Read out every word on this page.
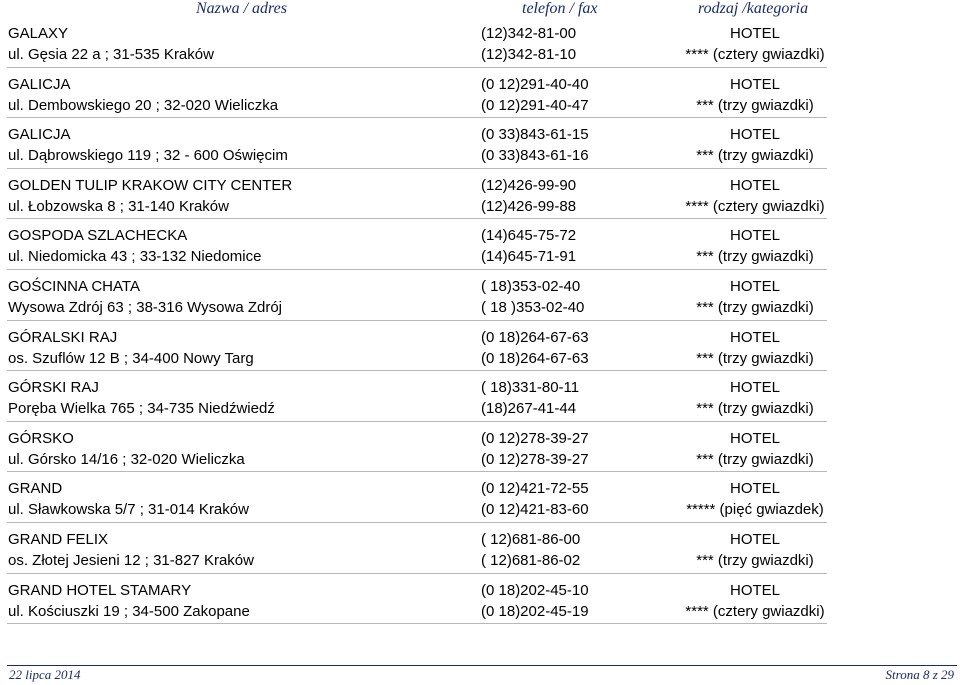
Nazwa / adres	telefon / fax	rodzaj /kategoria
GALAXY	(12)342-81-00	HOTEL
ul. Gęsia 22 a ; 31-535 Kraków	(12)342-81-10	**** (cztery gwiazdki)
GALICJA	(0 12)291-40-40	HOTEL
ul. Dembowskiego 20 ; 32-020 Wieliczka	(0 12)291-40-47	*** (trzy gwiazdki)
GALICJA	(0 33)843-61-15	HOTEL
ul. Dąbrowskiego 119 ; 32 - 600 Oświęcim	(0 33)843-61-16	*** (trzy gwiazdki)
GOLDEN TULIP KRAKOW CITY CENTER	(12)426-99-90	HOTEL
ul. Łobzowska 8 ; 31-140 Kraków	(12)426-99-88	**** (cztery gwiazdki)
GOSPODA SZLACHECKA	(14)645-75-72	HOTEL
ul. Niedomicka 43 ; 33-132 Niedomice	(14)645-71-91	*** (trzy gwiazdki)
GOŚCINNA CHATA	( 18)353-02-40	HOTEL
Wysowa Zdrój 63 ; 38-316 Wysowa Zdrój	( 18 )353-02-40	*** (trzy gwiazdki)
GÓRALSKI RAJ	(0 18)264-67-63	HOTEL
os. Szuflów 12 B ; 34-400 Nowy Targ	(0 18)264-67-63	*** (trzy gwiazdki)
GÓRSKI RAJ	( 18)331-80-11	HOTEL
Poręba Wielka 765 ; 34-735 Niedźwiedź	(18)267-41-44	*** (trzy gwiazdki)
GÓRSKO	(0 12)278-39-27	HOTEL
ul. Górsko 14/16 ; 32-020 Wieliczka	(0 12)278-39-27	*** (trzy gwiazdki)
GRAND	(0 12)421-72-55	HOTEL
ul. Sławkowska 5/7 ; 31-014 Kraków	(0 12)421-83-60	***** (pięć gwiazdek)
GRAND FELIX	( 12)681-86-00	HOTEL
os. Złotej Jesieni 12 ; 31-827 Kraków	( 12)681-86-02	*** (trzy gwiazdki)
GRAND HOTEL STAMARY	(0 18)202-45-10	HOTEL
ul. Kościuszki 19 ; 34-500 Zakopane	(0 18)202-45-19	**** (cztery gwiazdki)
22 lipca 2014	Strona 8 z 29
